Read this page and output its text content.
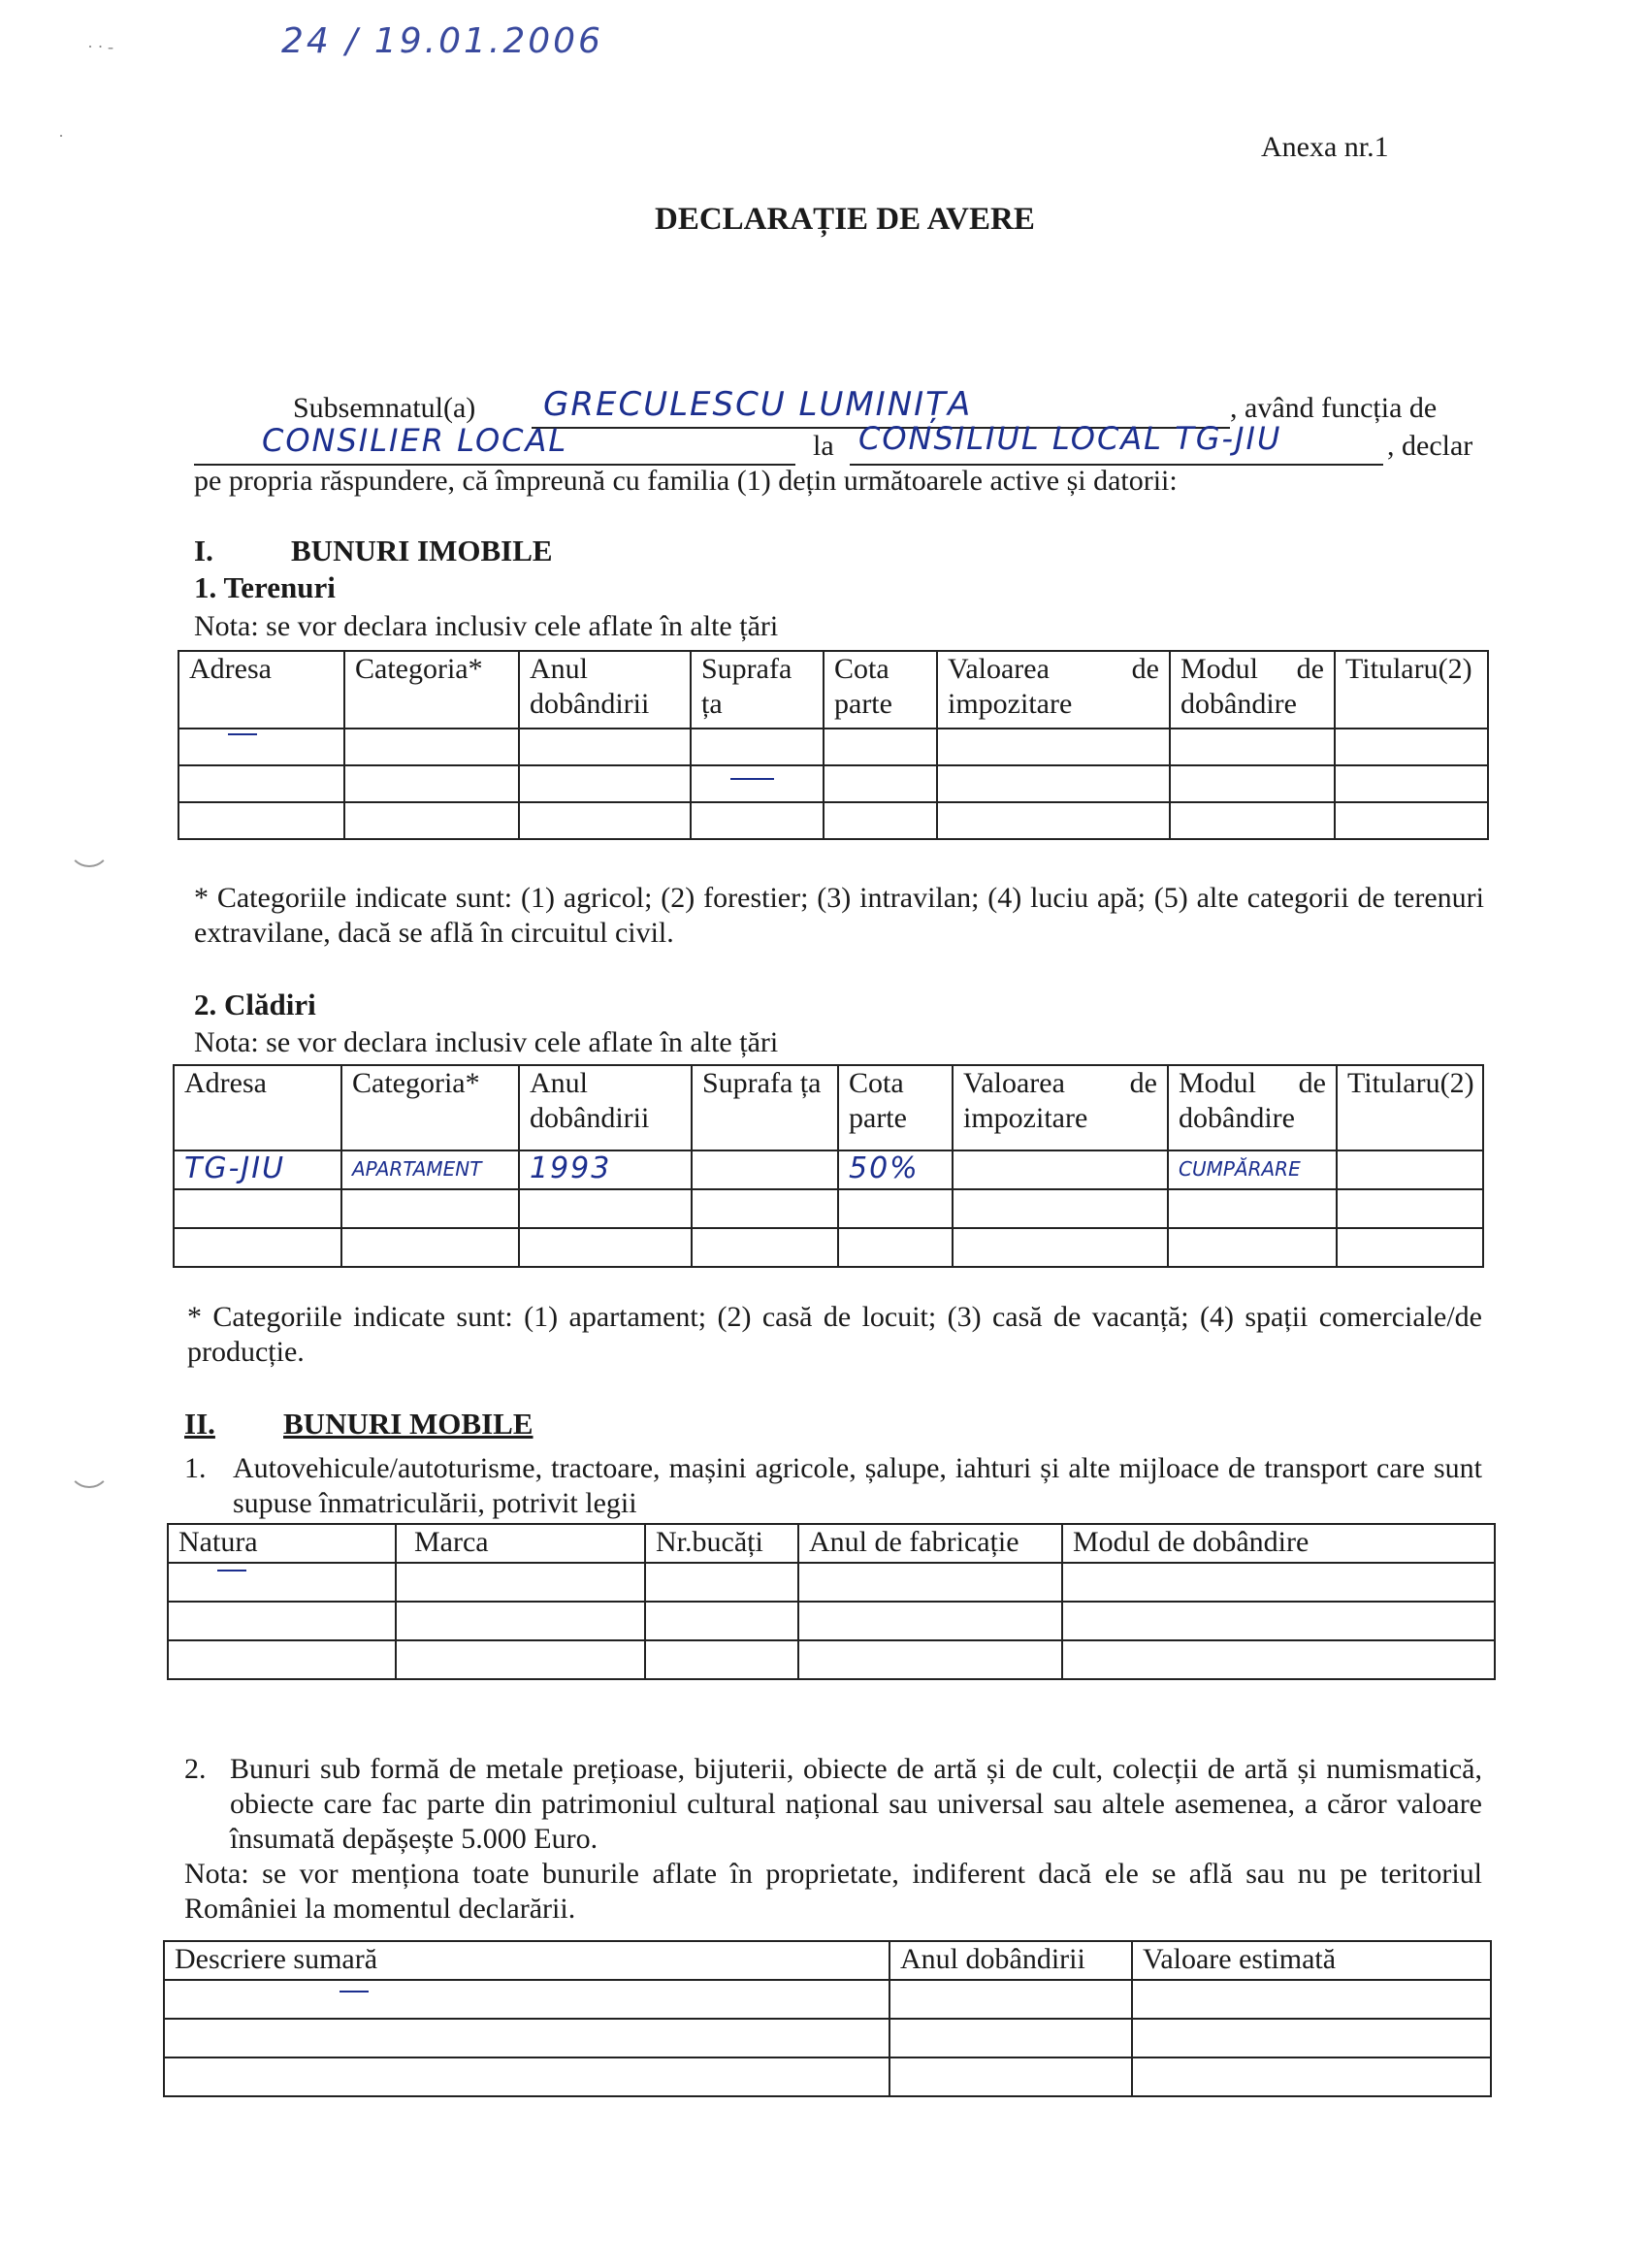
· · ‐
·
24 / 19.01.2006
Anexa nr.1
DECLARAȚIE DE AVERE
Subsemnatul(a) GRECULESCU LUMINIȚA	, având funcția de
CONSILIER LOCAL	la CONSILIUL LOCAL TG-JIU	, declar
pe propria răspundere, că împreună cu familia (1) dețin următoarele active și datorii:
I.	BUNURI IMOBILE
1. Terenuri
Nota: se vor declara inclusiv cele aflate în alte țări
Adresa	Categoria*	Anul dobândirii	Suprafa ța	Cota parte	Valoarea de impozitare	Modul de dobândire	Titularu(2)

* Categoriile indicate sunt: (1) agricol; (2) forestier; (3) intravilan; (4) luciu apă; (5) alte categorii de terenuri extravilane, dacă se află în circuitul civil.
2. Clădiri
Nota: se vor declara inclusiv cele aflate în alte țări
Adresa	Categoria*	Anul dobândirii	Suprafa ța	Cota parte	Valoarea de impozitare	Modul de dobândire	Titularu(2)
TG-JIU	APARTAMENT	1993		50%		CUMPĂRARE	

* Categoriile indicate sunt: (1) apartament; (2) casă de locuit; (3) casă de vacanță; (4) spații comerciale/de producție.
II. BUNURI MOBILE
1. Autovehicule/autoturisme, tractoare, mașini agricole, șalupe, iahturi și alte mijloace de transport care sunt supuse înmatriculării, potrivit legii
Natura	Marca	Nr.bucăți	Anul de fabricație	Modul de dobândire

2. Bunuri sub formă de metale prețioase, bijuterii, obiecte de artă și de cult, colecții de artă și numismatică, obiecte care fac parte din patrimoniul cultural național sau universal sau altele asemenea, a căror valoare însumată depășește 5.000 Euro.
Nota: se vor menționa toate bunurile aflate în proprietate, indiferent dacă ele se află sau nu pe teritoriul României la momentul declarării.
Descriere sumară	Anul dobândirii	Valoare estimată
